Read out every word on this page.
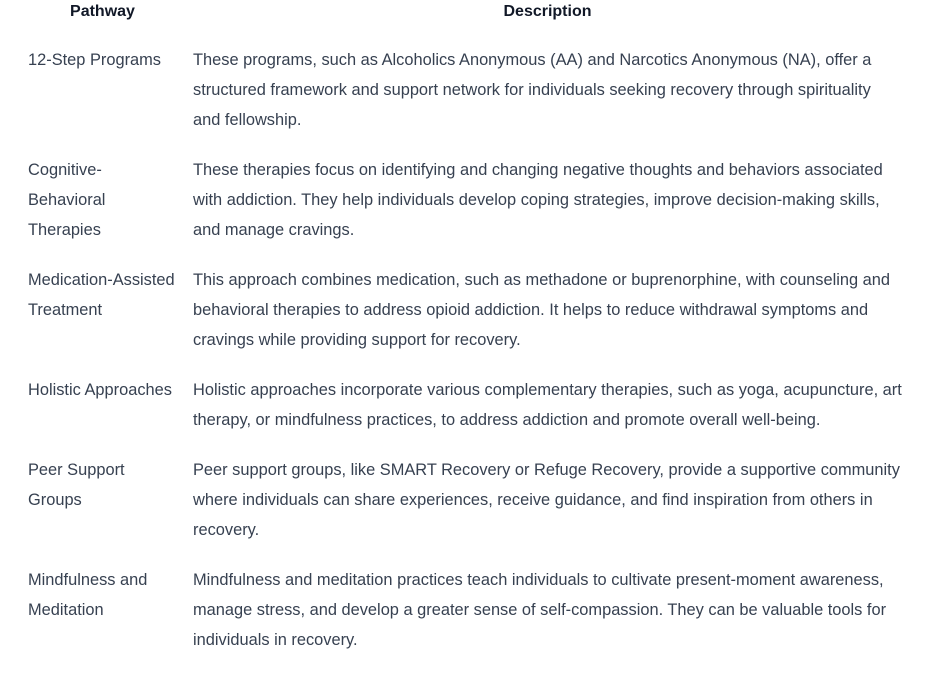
Pathway	Description
12-Step Programs	These programs, such as Alcoholics Anonymous (AA) and Narcotics Anonymous (NA), offer a structured framework and support network for individuals seeking recovery through spirituality and fellowship.
Cognitive-Behavioral Therapies	These therapies focus on identifying and changing negative thoughts and behaviors associated with addiction. They help individuals develop coping strategies, improve decision-making skills, and manage cravings.
Medication-Assisted Treatment	This approach combines medication, such as methadone or buprenorphine, with counseling and behavioral therapies to address opioid addiction. It helps to reduce withdrawal symptoms and cravings while providing support for recovery.
Holistic Approaches	Holistic approaches incorporate various complementary therapies, such as yoga, acupuncture, art therapy, or mindfulness practices, to address addiction and promote overall well-being.
Peer Support Groups	Peer support groups, like SMART Recovery or Refuge Recovery, provide a supportive community where individuals can share experiences, receive guidance, and find inspiration from others in recovery.
Mindfulness and Meditation	Mindfulness and meditation practices teach individuals to cultivate present-moment awareness, manage stress, and develop a greater sense of self-compassion. They can be valuable tools for individuals in recovery.
